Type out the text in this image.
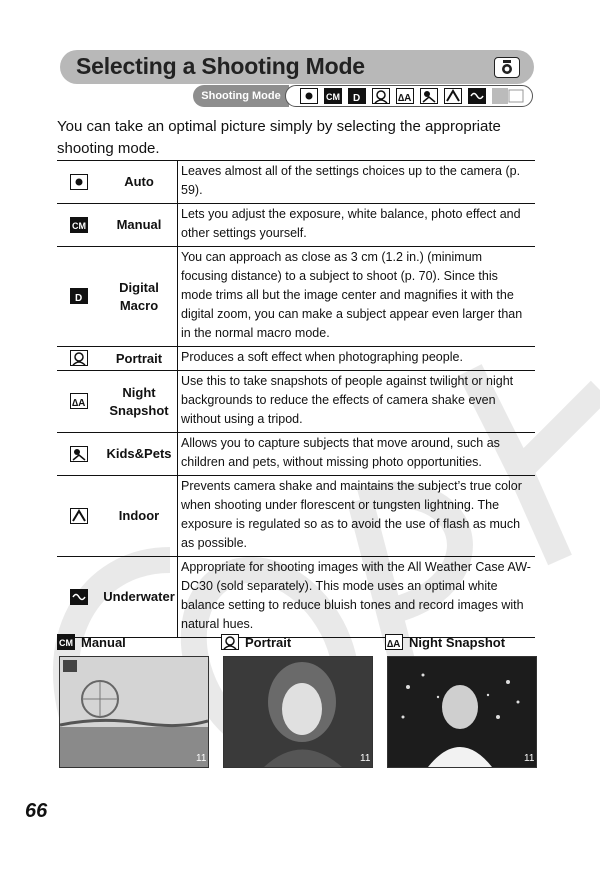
Selecting a Shooting Mode
Shooting Mode	CM D	∆A
You can take an optimal picture simply by selecting the appropriate shooting mode.
	Auto	Leaves almost all of the settings choices up to the camera (p. 59).

CM	Manual	Lets you adjust the exposure, white balance, photo effect and other settings yourself.

D	Digital Macro	You can approach as close as 3 cm (1.2 in.) (minimum focusing distance) to a subject to shoot (p. 70). Since this mode trims all but the image center and magnifies it with the digital zoom, you can make a subject appear even larger than in the normal macro mode.
	Portrait	Produces a soft effect when photographing people.

∆A	Night Snapshot	Use this to take snapshots of people against twilight or night backgrounds to reduce the effects of camera shake even without using a tripod.
	Kids&Pets	Allows you to capture subjects that move around, such as children and pets, without missing photo opportunities.
	Indoor	Prevents camera shake and maintains the subject’s true color when shooting under florescent or tungsten lightning. The exposure is regulated so as to avoid the use of flash as much as possible.
	Underwater	Appropriate for shooting images with the All Weather Case AW-DC30 (sold separately). This mode uses an optimal white balance setting to reduce bluish tones and record images with natural hues.
CM Manual
11
Portrait
11
∆A Night Snapshot
11
66
